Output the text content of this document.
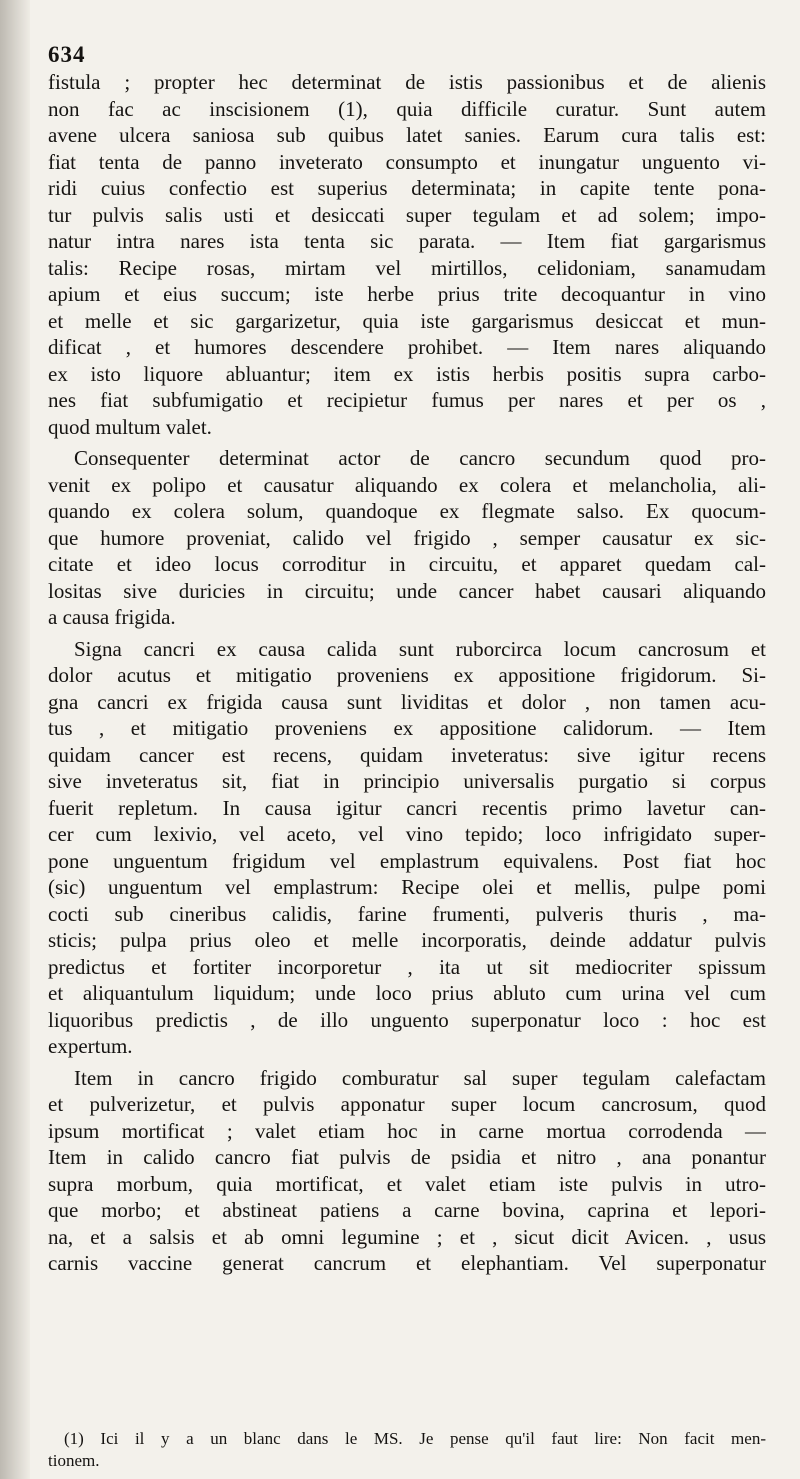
634
fistula ; propter hec determinat de istis passionibus et de alienis
non fac ac inscisionem (1), quia difficile curatur. Sunt autem
avene ulcera saniosa sub quibus latet sanies. Earum cura talis est:
fiat tenta de panno inveterato consumpto et inungatur unguento vi-
ridi cuius confectio est superius determinata; in capite tente pona-
tur pulvis salis usti et desiccati super tegulam et ad solem; impo-
natur intra nares ista tenta sic parata. — Item fiat gargarismus
talis: Recipe rosas, mirtam vel mirtillos, celidoniam, sanamudam
apium et eius succum; iste herbe prius trite decoquantur in vino
et melle et sic gargarizetur, quia iste gargarismus desiccat et mun-
dificat , et humores descendere prohibet. — Item nares aliquando
ex isto liquore abluantur; item ex istis herbis positis supra carbo-
nes fiat subfumigatio et recipietur fumus per nares et per os ,
quod multum valet.
Consequenter determinat actor de cancro secundum quod pro-
venit ex polipo et causatur aliquando ex colera et melancholia, ali-
quando ex colera solum, quandoque ex flegmate salso. Ex quocum-
que humore proveniat, calido vel frigido , semper causatur ex sic-
citate et ideo locus corroditur in circuitu, et apparet quedam cal-
lositas sive duricies in circuitu; unde cancer habet causari aliquando
a causa frigida.
Signa cancri ex causa calida sunt ruborcirca locum cancrosum et
dolor acutus et mitigatio proveniens ex appositione frigidorum. Si-
gna cancri ex frigida causa sunt lividitas et dolor , non tamen acu-
tus , et mitigatio proveniens ex appositione calidorum. — Item
quidam cancer est recens, quidam inveteratus: sive igitur recens
sive inveteratus sit, fiat in principio universalis purgatio si corpus
fuerit repletum. In causa igitur cancri recentis primo lavetur can-
cer cum lexivio, vel aceto, vel vino tepido; loco infrigidato super-
pone unguentum frigidum vel emplastrum equivalens. Post fiat hoc
(sic) unguentum vel emplastrum: Recipe olei et mellis, pulpe pomi
cocti sub cineribus calidis, farine frumenti, pulveris thuris , ma-
sticis; pulpa prius oleo et melle incorporatis, deinde addatur pulvis
predictus et fortiter incorporetur , ita ut sit mediocriter spissum
et aliquantulum liquidum; unde loco prius abluto cum urina vel cum
liquoribus predictis , de illo unguento superponatur loco : hoc est
expertum.
Item in cancro frigido comburatur sal super tegulam calefactam
et pulverizetur, et pulvis apponatur super locum cancrosum, quod
ipsum mortificat ; valet etiam hoc in carne mortua corrodenda —
Item in calido cancro fiat pulvis de psidia et nitro , ana ponantur
supra morbum, quia mortificat, et valet etiam iste pulvis in utro-
que morbo; et abstineat patiens a carne bovina, caprina et lepori-
na, et a salsis et ab omni legumine ; et , sicut dicit Avicen. , usus
carnis vaccine generat cancrum et elephantiam. Vel superponatur
(1) Ici il y a un blanc dans le MS. Je pense qu'il faut lire: Non facit men-
tionem.
